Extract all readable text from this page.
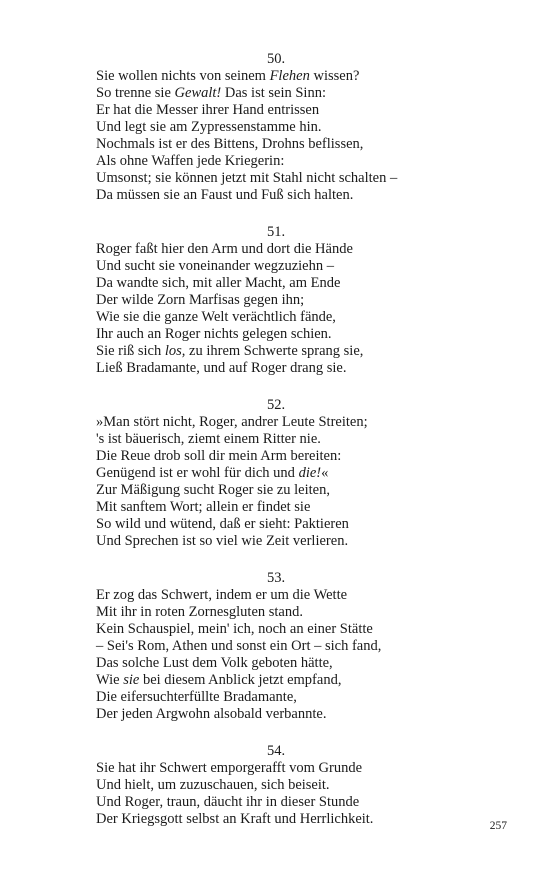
50.
Sie wollen nichts von seinem Flehen wissen?
So trenne sie Gewalt! Das ist sein Sinn:
Er hat die Messer ihrer Hand entrissen
Und legt sie am Zypressenstamme hin.
Nochmals ist er des Bittens, Drohns beflissen,
Als ohne Waffen jede Kriegerin:
Umsonst; sie können jetzt mit Stahl nicht schalten –
Da müssen sie an Faust und Fuß sich halten.
51.
Roger faßt hier den Arm und dort die Hände
Und sucht sie voneinander wegzuziehn –
Da wandte sich, mit aller Macht, am Ende
Der wilde Zorn Marfisas gegen ihn;
Wie sie die ganze Welt verächtlich fände,
Ihr auch an Roger nichts gelegen schien.
Sie riß sich los, zu ihrem Schwerte sprang sie,
Ließ Bradamante, und auf Roger drang sie.
52.
»Man stört nicht, Roger, andrer Leute Streiten;
's ist bäuerisch, ziemt einem Ritter nie.
Die Reue drob soll dir mein Arm bereiten:
Genügend ist er wohl für dich und die!«
Zur Mäßigung sucht Roger sie zu leiten,
Mit sanftem Wort; allein er findet sie
So wild und wütend, daß er sieht: Paktieren
Und Sprechen ist so viel wie Zeit verlieren.
53.
Er zog das Schwert, indem er um die Wette
Mit ihr in roten Zornesgluten stand.
Kein Schauspiel, mein' ich, noch an einer Stätte
– Sei's Rom, Athen und sonst ein Ort – sich fand,
Das solche Lust dem Volk geboten hätte,
Wie sie bei diesem Anblick jetzt empfand,
Die eifersuchterfüllte Bradamante,
Der jeden Argwohn alsobald verbannte.
54.
Sie hat ihr Schwert emporgerafft vom Grunde
Und hielt, um zuzuschauen, sich beiseit.
Und Roger, traun, däucht ihr in dieser Stunde
Der Kriegsgott selbst an Kraft und Herrlichkeit.	257
